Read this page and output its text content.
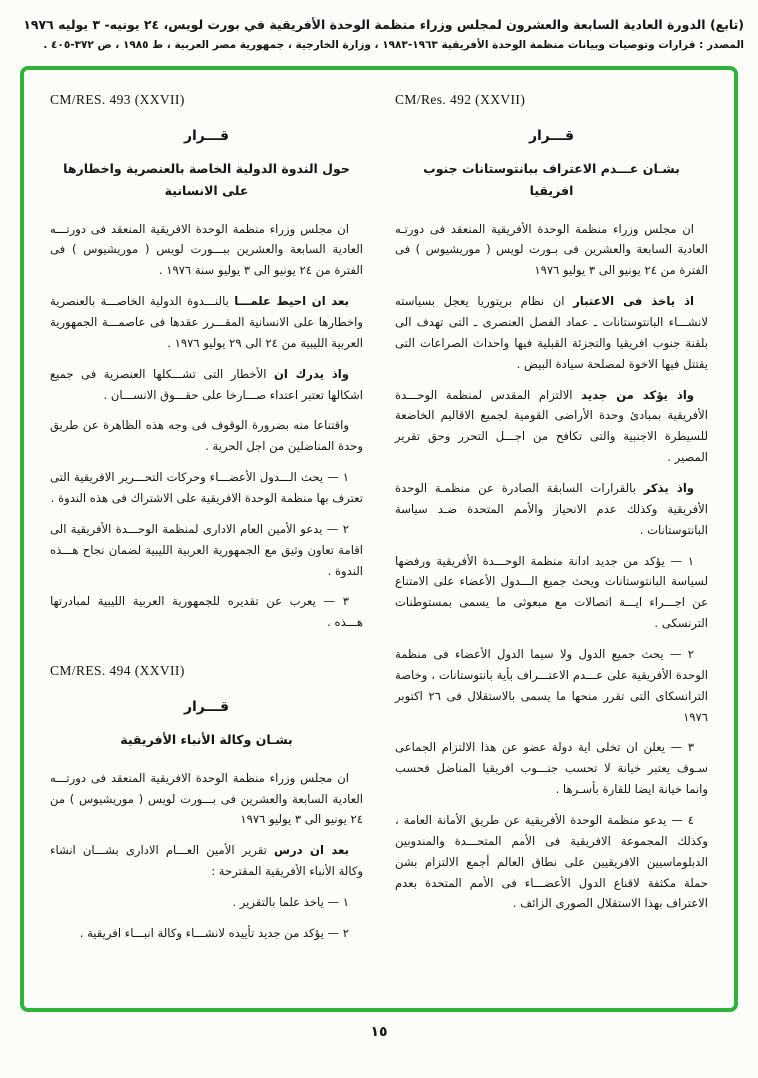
(تابع) الدورة العادية السابعة والعشرون لمجلس وزراء منظمة الوحدة الأفريقية في بورت لويس، ٢٤ يونيه- ٣ يوليه ١٩٧٦
المصدر : قرارات وتوصيات وبيانات منظمة الوحدة الأفريقية ١٩٦٣-١٩٨٣ ، وزارة الخارجية ، جمهورية مصر العربية ، ط ١٩٨٥ ، ص ٣٧٢-٤٠٥ .
CM/Res. 492 (XXVII)
قـــرار
بشـان عـــدم الاعتراف ببانتوستانات جنوب افريقيا

ان مجلس وزراء منظمة الوحدة الأفريقية المنعقد فى دورتـه العادية السابعة والعشرين فى بـورت لويس ( موريشيوس ) فى الفترة من ٢٤ يونيو الى ٣ يوليو ١٩٧٦

اذ ياخذ فى الاعتبار ان نظام بريتوريا يعجل بسياسته لانشـــاء البانتوستانات ـ عماد الفصل العنصرى ـ التى تهدف الى بلقنة جنوب افريقيا والتجزئة القبلية فيها واحداث الصراعات التى يقتتل فيها الاخوة لمصلحة سيادة البيض .

واذ يؤكد من جديد الالتزام المقدس لمنظمة الوحـــدة الأفريقية بمبادئ وحدة الأراضى القومية لجميع الاقاليم الخاضعة للسيطرة الاجنبية والتى تكافح من اجـــل التحرر وحق تقرير المصير .

واذ يذكر بالقرارات السابقة الصادرة عن منظمـة الوحدة الأفريقية وكذلك عدم الانحياز والأمم المتحدة ضـد سياسة البانتوستانات .

١ — يؤكد من جديد ادانة منظمة الوحـــدة الأفريقية ورفضها لسياسة البانتوستانات ويحث جميع الـــدول الأعضاء على الامتناع عن اجـــراء ايـــة اتصالات مع مبعوثى ما يسمى بمستوطنات الترنسكى .

٢ — يحث جميع الدول ولا سيما الدول الأعضاء فى منظمة الوحدة الأفريقية على عـــدم الاعتـــراف بأية بانتوستانات ، وخاصة الترانسكاى التى تقرر منحها ما يسمى بالاستقلال فى ٢٦ اكتوبر ١٩٧٦

٣ — يعلن ان تخلى اية دولة عضو عن هذا الالتزام الجماعى سـوف يعتبر خيانة لا تحسب جنـــوب افريقيا المناضل فحسب وانما خيانة ايضا للقارة بأسـرها .

٤ — يدعو منظمة الوحدة الأفريقية عن طريق الأمانة العامة ، وكذلك المجموعة الافريقية فى الأمم المتحـــدة والمندوبين الدبلوماسيين الافريقيين على نطاق العالم أجمع الالتزام بشن حملة مكثفة لاقناع الدول الأعضـــاء فى الأمم المتحدة بعدم الاعتراف بهذا الاستقلال الصورى الزائف .

CM/RES. 493 (XXVII)
قـــرار
حول الندوة الدولية الخاصة بالعنصرية واخطارها على الانسانية

ان مجلس وزراء منظمة الوحدة الافريقية المنعقد فى دورتـــه العادية السابعة والعشرين ببـــورت لويس ( موريشيوس ) فى الفترة من ٢٤ يونيو الى ٣ يوليو سنة ١٩٧٦ .

بعد ان احيط علمـــا بالنـــدوة الدولية الخاصـــة بالعنصرية واخطارها على الانسانية المقـــرر عقدها فى عاصمـــة الجمهورية العربية الليبية من ٢٤ الى ٢٩ يوليو ١٩٧٦ .

واذ يدرك ان الأخطار التى تشـــكلها العنصرية فى جميع اشكالها تعتبر اعتداء صـــارخا على حقـــوق الانســـان .

واقتناعا منه بضرورة الوقوف فى وجه هذه الظاهرة عن طريق وحدة المناضلين من اجل الحرية .

١ — يحث الـــدول الأعضـــاء وحركات التحـــرير الافريقية التى تعترف بها منظمة الوحدة الافريقية على الاشتراك فى هذه الندوة .

٢ — يدعو الأمين العام الادارى لمنظمة الوحـــدة الأفريقية الى اقامة تعاون وثيق مع الجمهورية العربية الليبية لضمان نجاح هـــذه الندوة .

٣ — يعرب عن تقديره للجمهورية العربية الليبية لمبادرتها هـــذه .

CM/RES. 494 (XXVII)
قـــرار
بشـان وكالة الأنباء الأفريقية

ان مجلس وزراء منظمة الوحدة الافريقية المنعقد فى دورتـــه العادية السابعة والعشرين فى بـــورت لويس ( موريشيوس ) من ٢٤ يونيو الى ٣ يوليو ١٩٧٦

بعد ان درس تقرير الأمين العـــام الادارى بشـــان انشاء وكالة الأنباء الأفريقية المقترحة :

١ — ياخذ علما بالتقرير .

٢ — يؤكد من جديد تأييده لانشـــاء وكالة انبـــاء افريقية .

١٥
